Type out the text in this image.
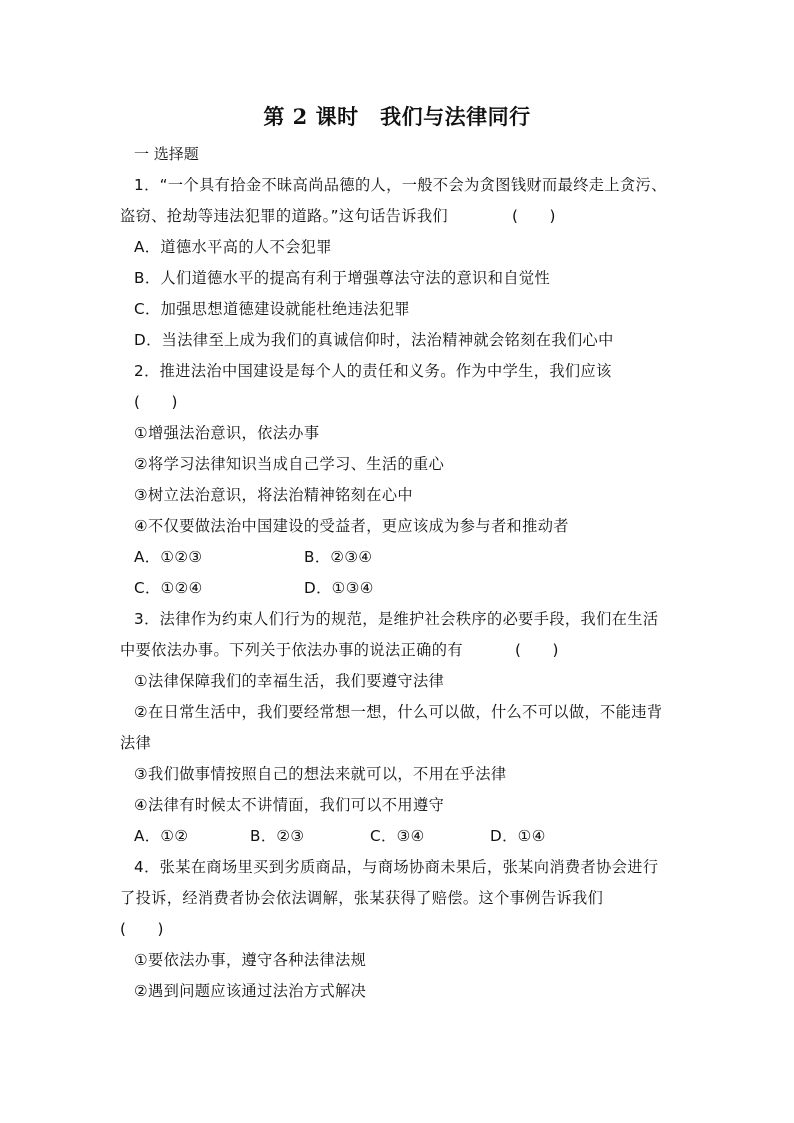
第 2 课时　我们与法律同行
一 选择题
1．“一个具有拾金不昧高尚品德的人，一般不会为贪图钱财而最终走上贪污、
盗窃、抢劫等违法犯罪的道路。”这句话告诉我们	(　　)
A．道德水平高的人不会犯罪
B．人们道德水平的提高有利于增强尊法守法的意识和自觉性
C．加强思想道德建设就能杜绝违法犯罪
D．当法律至上成为我们的真诚信仰时，法治精神就会铭刻在我们心中
2．推进法治中国建设是每个人的责任和义务。作为中学生，我们应该
(　　)
①增强法治意识，依法办事
②将学习法律知识当成自己学习、生活的重心
③树立法治意识，将法治精神铭刻在心中
④不仅要做法治中国建设的受益者，更应该成为参与者和推动者
A．①②③	B．②③④
C．①②④	D．①③④
3．法律作为约束人们行为的规范，是维护社会秩序的必要手段，我们在生活
中要依法办事。下列关于依法办事的说法正确的有	(　　)
①法律保障我们的幸福生活，我们要遵守法律
②在日常生活中，我们要经常想一想，什么可以做，什么不可以做，不能违背
法律
③我们做事情按照自己的想法来就可以，不用在乎法律
④法律有时候太不讲情面，我们可以不用遵守
A．①②	B．②③	C．③④	D．①④
4．张某在商场里买到劣质商品，与商场协商未果后，张某向消费者协会进行
了投诉，经消费者协会依法调解，张某获得了赔偿。这个事例告诉我们
(　　)
①要依法办事，遵守各种法律法规
②遇到问题应该通过法治方式解决
